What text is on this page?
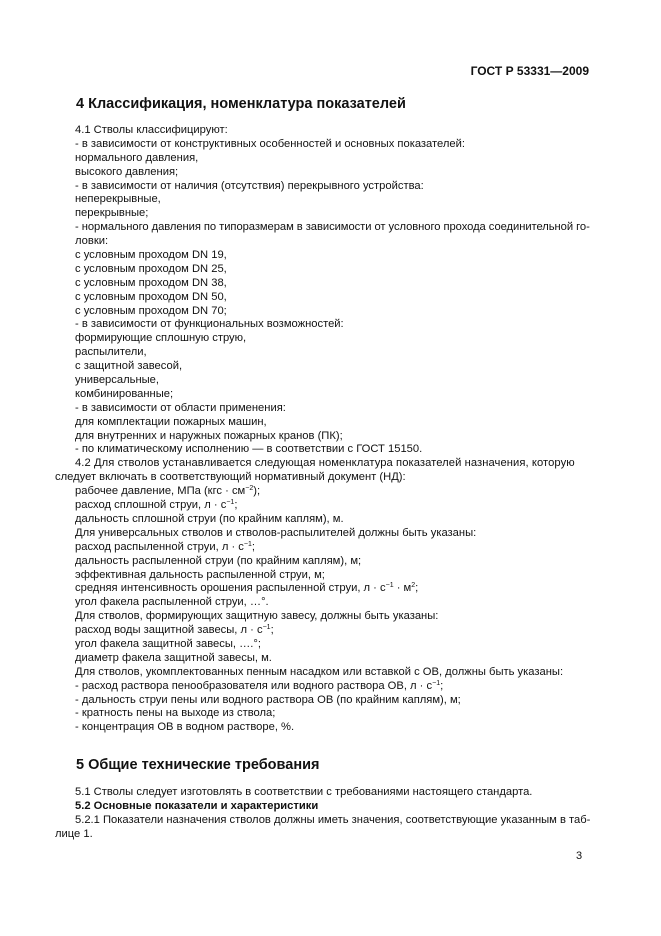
ГОСТ Р 53331—2009
4 Классификация, номенклатура показателей
4.1 Стволы классифицируют:
- в зависимости от конструктивных особенностей и основных показателей:
нормального давления,
высокого давления;
- в зависимости от наличия (отсутствия) перекрывного устройства:
неперекрывные,
перекрывные;
- нормального давления по типоразмерам в зависимости от условного прохода соединительной го-
ловки:
с условным проходом DN 19,
с условным проходом DN 25,
с условным проходом DN 38,
с условным проходом DN 50,
с условным проходом DN 70;
- в зависимости от функциональных возможностей:
формирующие сплошную струю,
распылители,
с защитной завесой,
универсальные,
комбинированные;
- в зависимости от области применения:
для комплектации пожарных машин,
для внутренних и наружных пожарных кранов (ПК);
- по климатическому исполнению — в соответствии с ГОСТ 15150.
4.2 Для стволов устанавливается следующая номенклатура показателей назначения, которую
следует включать в соответствующий нормативный документ (НД):
рабочее давление, МПа $(кгс \cdot см^{-2})$;
расход сплошной струи, $л \cdot с^{-1}$;
дальность сплошной струи (по крайним каплям), м.
Для универсальных стволов и стволов-распылителей должны быть указаны:
расход распыленной струи, $л \cdot с^{-1}$;
дальность распыленной струи (по крайним каплям), м;
эффективная дальность распыленной струи, м;
средняя интенсивность орошения распыленной струи, $л \cdot с^{-1} \cdot м^2$;
угол факела распыленной струи, …°.
Для стволов, формирующих защитную завесу, должны быть указаны:
расход воды защитной завесы, $л \cdot с^{-1}$;
угол факела защитной завесы, ….°;
диаметр факела защитной завесы, м.
Для стволов, укомплектованных пенным насадком или вставкой с ОВ, должны быть указаны:
- расход раствора пенообразователя или водного раствора ОВ, $л \cdot с^{-1}$;
- дальность струи пены или водного раствора ОВ (по крайним каплям), м;
- кратность пены на выходе из ствола;
- концентрация ОВ в водном растворе, %.
5 Общие технические требования
5.1 Стволы следует изготовлять в соответствии с требованиями настоящего стандарта.
5.2 Основные показатели и характеристики
5.2.1 Показатели назначения стволов должны иметь значения, соответствующие указанным в таб-
лице 1.
3
